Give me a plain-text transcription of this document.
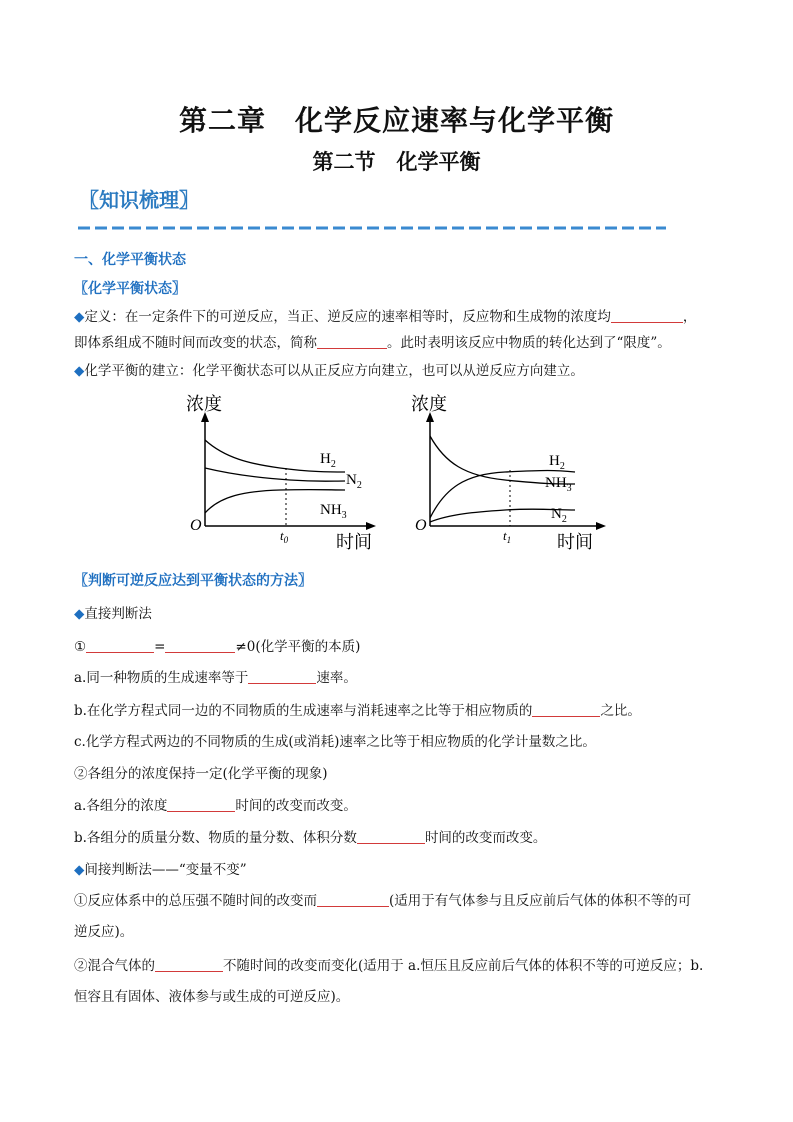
第二章　化学反应速率与化学平衡
第二节　化学平衡
〖知识梳理〗
一、化学平衡状态
〖化学平衡状态〗
◆定义：在一定条件下的可逆反应，当正、逆反应的速率相等时，反应物和生成物的浓度均	，
即体系组成不随时间而改变的状态，简称	。此时表明该反应中物质的转化达到了“限度”。
◆化学平衡的建立：化学平衡状态可以从正反应方向建立，也可以从逆反应方向建立。
浓度
时间
O
$H_2$
$N_2$
$NH_3$
$t_0$
浓度
时间
O
$H_2$
$NH_3$
$N_2$
$t_1$
〖判断可逆反应达到平衡状态的方法〗
◆直接判断法
①	=	≠0(化学平衡的本质)
a.同一种物质的生成速率等于	速率。
b.在化学方程式同一边的不同物质的生成速率与消耗速率之比等于相应物质的	之比。
c.化学方程式两边的不同物质的生成(或消耗)速率之比等于相应物质的化学计量数之比。
②各组分的浓度保持一定(化学平衡的现象)
a.各组分的浓度	时间的改变而改变。
b.各组分的质量分数、物质的量分数、体积分数	时间的改变而改变。
◆间接判断法——“变量不变”
①反应体系中的总压强不随时间的改变而	(适用于有气体参与且反应前后气体的体积不等的可
逆反应)。
②混合气体的	不随时间的改变而变化(适用于 a.恒压且反应前后气体的体积不等的可逆反应；b.
恒容且有固体、液体参与或生成的可逆反应)。
